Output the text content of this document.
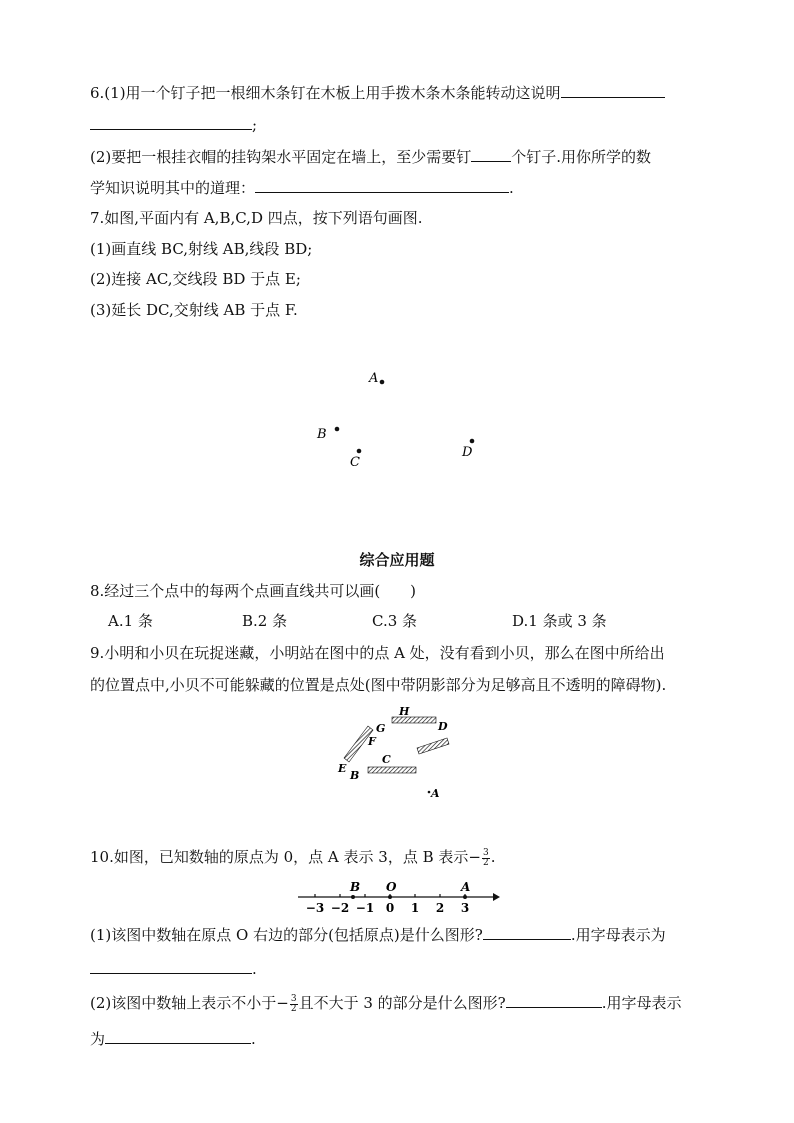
6.(1)用一个钉子把一根细木条钉在木板上用手拨木条木条能转动这说明
;
(2)要把一根挂衣帽的挂钩架水平固定在墙上，至少需要钉	个钉子.用你所学的数
学知识说明其中的道理：	.
7.如图,平面内有 A,B,C,D 四点，按下列语句画图.
(1)画直线 BC,射线 AB,线段 BD;
(2)连接 AC,交线段 BD 于点 E;
(3)延长 DC,交射线 AB 于点 F.
A
B
C
D
综合应用题
8.经过三个点中的每两个点画直线共可以画(　　)
A.1 条	B.2 条	C.3 条	D.1 条或 3 条
9.小明和小贝在玩捉迷藏，小明站在图中的点 A 处，没有看到小贝，那么在图中所给出
的位置点中,小贝不可能躲藏的位置是点处(图中带阴影部分为足够高且不透明的障碍物).
H
G	D
F
C
E
B
A
10.如图，已知数轴的原点为 0，点 A 表示 3，点 B 表示− $\frac{3}{2}$ .
B O	A
−3 −2 −1 0 1 2 3
(1)该图中数轴在原点 O 右边的部分(包括原点)是什么图形?	.用字母表示为
.
(2)该图中数轴上表示不小于− $\frac{3}{2}$ 且不大于 3 的部分是什么图形?	.用字母表示
为	.
